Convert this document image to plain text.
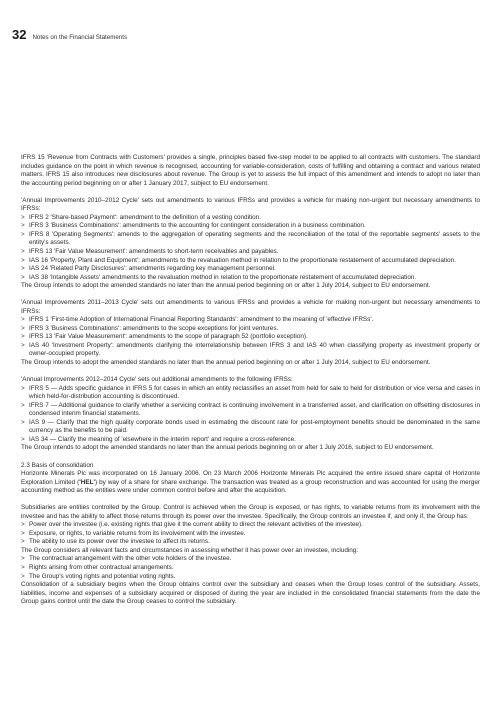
32 Notes on the Financial Statements

IFRS 15 'Revenue from Contracts with Customers' provides a single, principles based five-step model to be applied to all contracts with customers. The standard includes guidance on the point in which revenue is recognised, accounting for variable-consideration, costs of fulfilling and obtaining a contract and various related matters. IFRS 15 also introduces new disclosures about revenue. The Group is yet to assess the full impact of this amendment and intends to adopt no later than the accounting period beginning on or after 1 January 2017, subject to EU endorsement.

'Annual Improvements 2010–2012 Cycle' sets out amendments to various IFRSs and provides a vehicle for making non-urgent but necessary amendments to IFRSs:

> IFRS 2 'Share-based Payment': amendment to the definition of a vesting condition.
> IFRS 3 'Business Combinations': amendments to the accounting for contingent consideration in a business combination.
> IFRS 8 'Operating Segments': amends to the aggregation of operating segments and the reconciliation of the total of the reportable segments' assets to the entity's assets.
> IFRS 13 'Fair Value Measurement': amendments to short-term receivables and payables.
> IAS 16 'Property, Plant and Equipment': amendments to the revaluation method in relation to the proportionate restatement of accumulated depreciation.
> IAS 24 'Related Party Disclosures': amendments regarding key management personnel.
> IAS 38 'Intangible Assets' amendments to the revaluation method in relation to the proportionate restatement of accumulated depreciation.

The Group intends to adopt the amended standards no later than the annual period beginning on or after 1 July 2014, subject to EU endorsement.

'Annual Improvements 2011–2013 Cycle' sets out amendments to various IFRSs and provides a vehicle for making non-urgent but necessary amendments to IFRSs:

> IFRS 1 'First-time Adoption of International Financial Reporting Standards': amendment to the meaning of 'effective IFRSs'.
> IFRS 3 'Business Combinations': amendments to the scope exceptions for joint ventures.
> IFRS 13 'Fair Value Measurement': amendments to the scope of paragraph 52 (portfolio exception).
> IAS 40 'Investment Property': amendments clarifying the interrelationship between IFRS 3 and IAS 40 when classifying property as investment property or owner-occupied property.

The Group intends to adopt the amended standards no later than the annual period beginning on or after 1 July 2014, subject to EU endorsement.

'Annual Improvements 2012–2014 Cycle' sets out additional amendments to the following IFRSs:

> IFRS 5 — Adds specific guidance in IFRS 5 for cases in which an entity reclassifies an asset from held for sale to held for distribution or vice versa and cases in which held-for-distribution accounting is discontinued.
> IFRS 7 — Additional guidance to clarify whether a servicing contract is continuing involvement in a transferred asset, and clarification on offsetting disclosures in condensed interim financial statements.
> IAS 9 — Clarify that the high quality corporate bonds used in estimating the discount rate for post-employment benefits should be denominated in the same currency as the benefits to be paid.
> IAS 34 — Clarify the meaning of 'elsewhere in the interim report' and require a cross-reference.

The Group intends to adopt the amended standards no later than the annual periods beginning on or after 1 July 2016, subject to EU endorsement.

2.3 Basis of consolidation

Horizonte Minerals Plc was incorporated on 16 January 2006. On 23 March 2006 Horizonte Minerals Plc acquired the entire issued share capital of Horizonte Exploration Limited ('HEL') by way of a share for share exchange. The transaction was treated as a group reconstruction and was accounted for using the merger accounting method as the entities were under common control before and after the acquisition.

Subsidiaries are entities controlled by the Group. Control is achieved when the Group is exposed, or has rights, to variable returns from its involvement with the investee and has the ability to affect those returns through its power over the investee. Specifically, the Group controls an investee if, and only if, the Group has:

> Power over the investee (i.e. existing rights that give it the current ability to direct the relevant activities of the investee).
> Exposure, or rights, to variable returns from its involvement with the investee.
> The ability to use its power over the investee to affect its returns.

The Group considers all relevant facts and circumstances in assessing whether it has power over an investee, including:

> The contractual arrangement with the other vote holders of the investee.
> Rights arising from other contractual arrangements.
> The Group's voting rights and potential voting rights.

Consolidation of a subsidiary begins when the Group obtains control over the subsidiary and ceases when the Group loses control of the subsidiary. Assets, liabilities, income and expenses of a subsidiary acquired or disposed of during the year are included in the consolidated financial statements from the date the Group gains control until the date the Group ceases to control the subsidiary.
